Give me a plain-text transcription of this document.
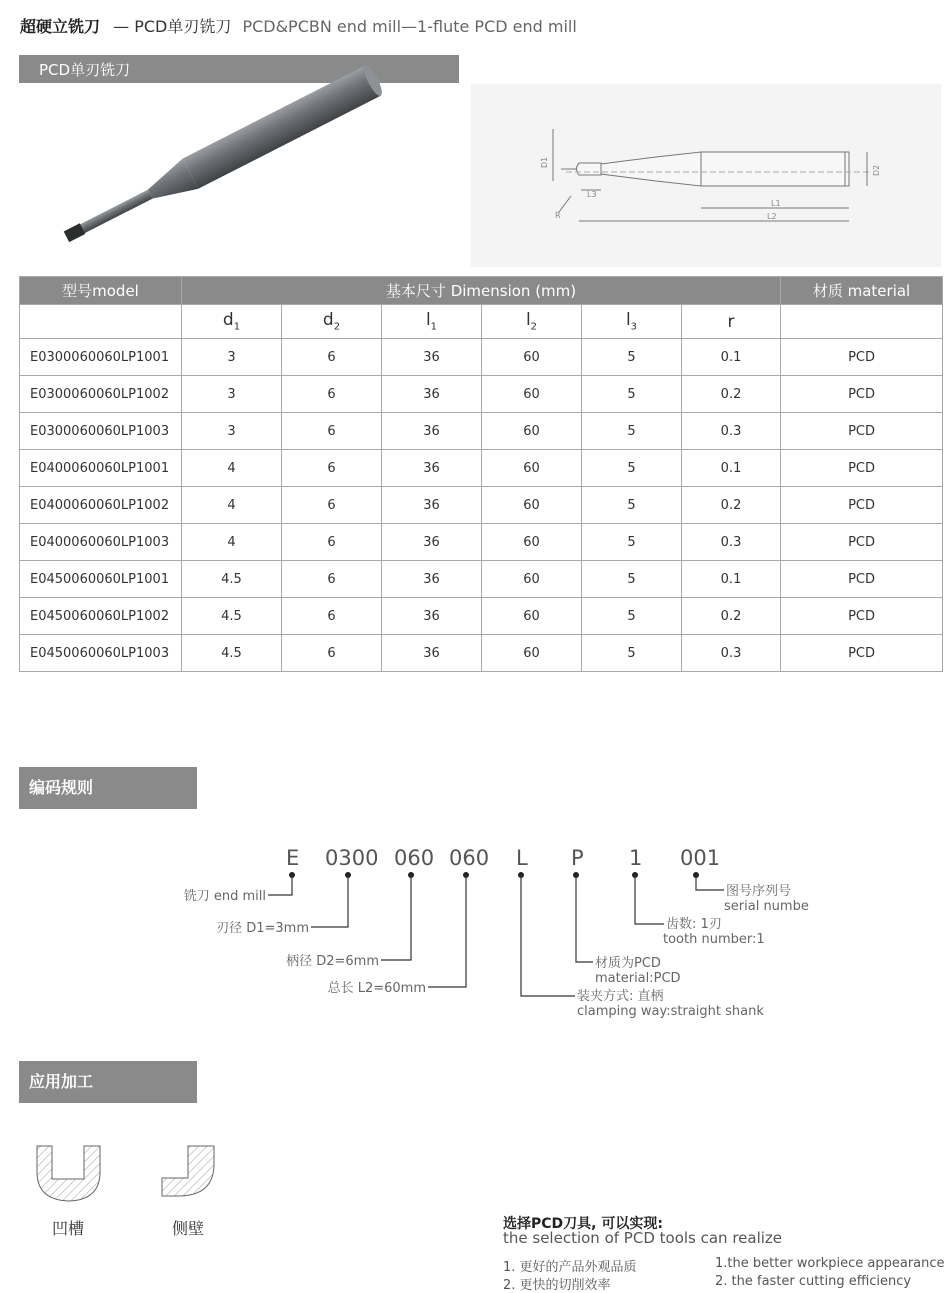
超硬立铣刀 — PCD单刃铣刀 PCD&PCBN end mill—1-flute PCD end mill
PCD单刃铣刀
D1
D2
L3
L1
L2
R
型号model	基本尺寸 Dimension (mm)						材质 material
	$d_1$	$d_2$	$l_1$	$l_2$	$l_3$	r	
E0300060060LP1001	3	6	36	60	5	0.1	PCD
E0300060060LP1002	3	6	36	60	5	0.2	PCD
E0300060060LP1003	3	6	36	60	5	0.3	PCD
E0400060060LP1001	4	6	36	60	5	0.1	PCD
E0400060060LP1002	4	6	36	60	5	0.2	PCD
E0400060060LP1003	4	6	36	60	5	0.3	PCD
E0450060060LP1001	4.5	6	36	60	5	0.1	PCD
E0450060060LP1002	4.5	6	36	60	5	0.2	PCD
E0450060060LP1003	4.5	6	36	60	5	0.3	PCD
编码规则 regulation
E 0300 060 060 L P 1 001
铣刀 end mill
刃径 D1=3mm
柄径 D2=6mm
总长 L2=60mm
装夹方式: 直柄
clamping way:straight shank
材质为PCD
material:PCD
齿数: 1刃
tooth number:1
图号序列号
serial numbe
应用加工 application
凹槽	侧壁	选择PCD刀具, 可以实现:
the selection of PCD tools can realize
1. 更好的产品外观品质
2. 更快的切削效率
1.the better workpiece appearance
2. the faster cutting efficiency
